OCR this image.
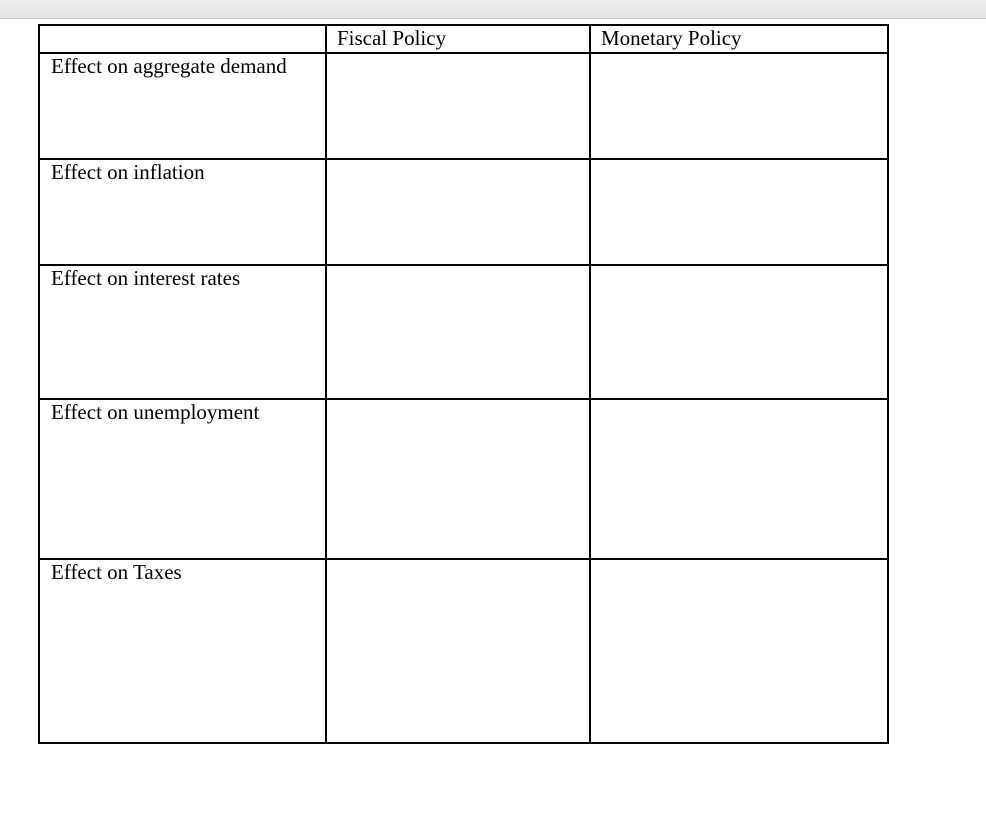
	Fiscal Policy	Monetary Policy
Effect on aggregate demand		
Effect on inflation		
Effect on interest rates		
Effect on unemployment		
Effect on Taxes		
